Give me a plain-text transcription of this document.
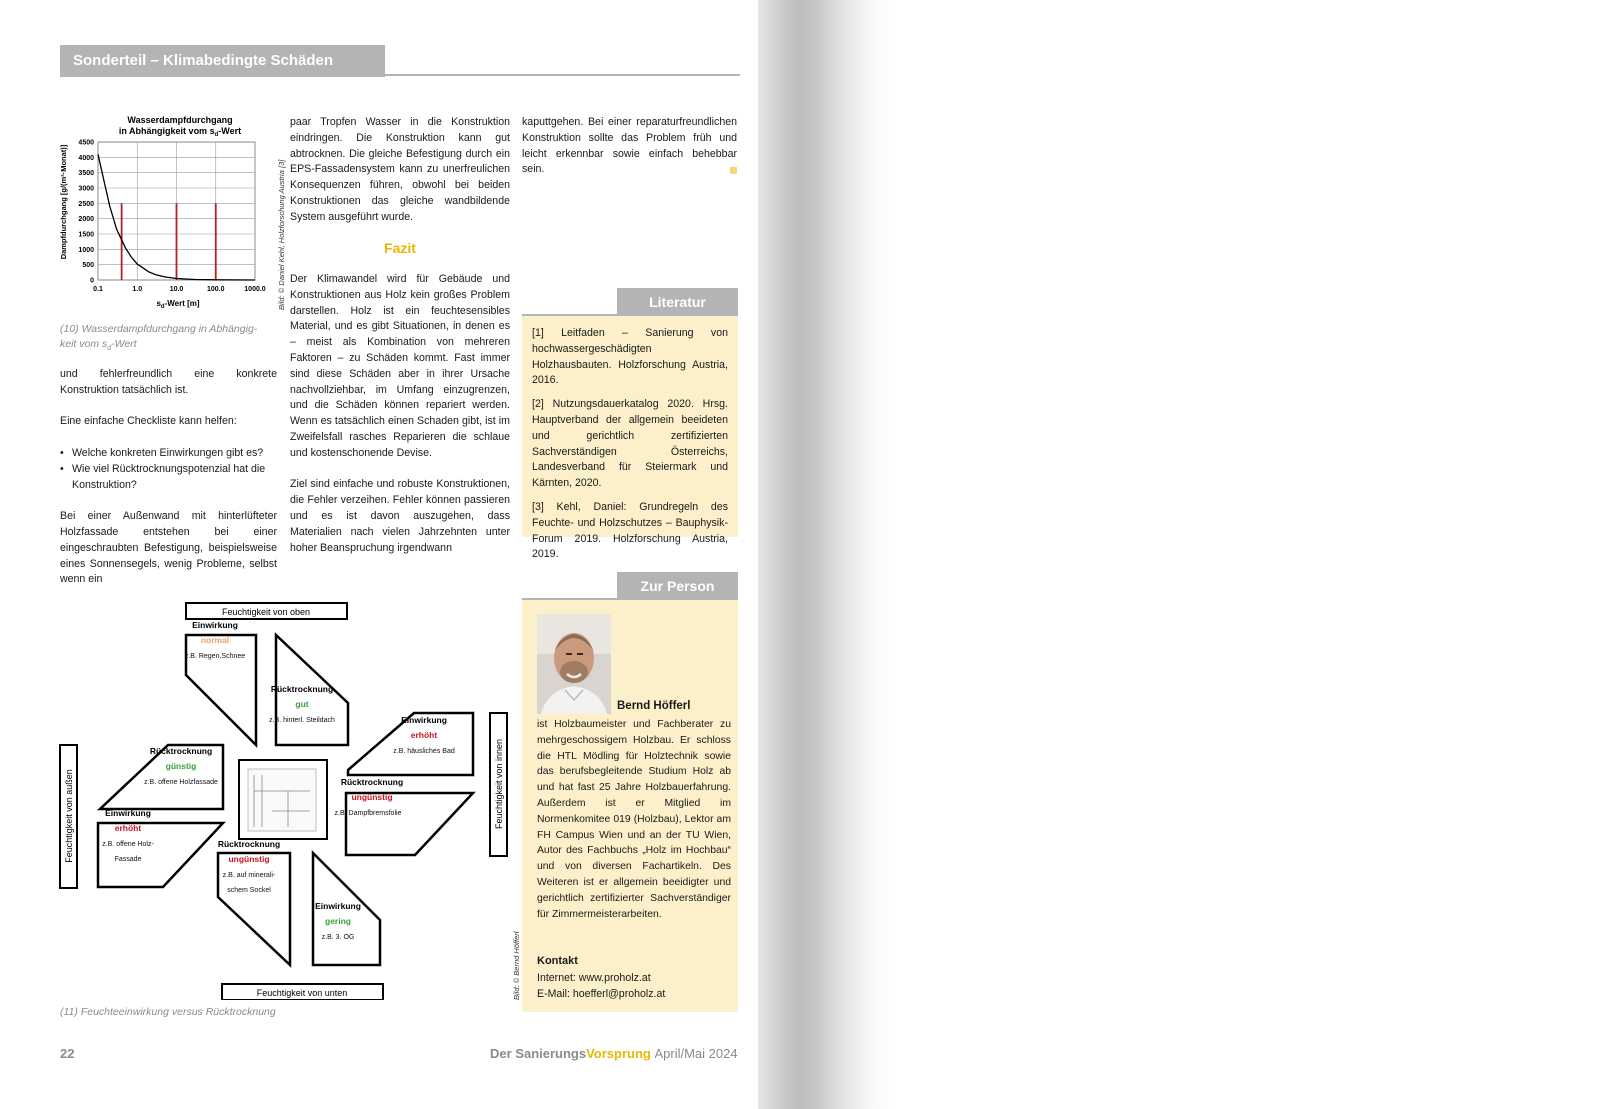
Sonderteil – Klimabedingte Schäden
Wasserdampfdurchgang
in Abhängigkeit vom $s_d$-Wert
0
500
1000
1500
2000
2500
3000
3500
4000
4500
0.1	1.0	10.0	100.0	1000.0
Dampfdurchgang [g/(m²·Monat)]
$s_d$-Wert [m]	Bild: © Daniel Kehl, Holzforschung Austria [3]
(10) Wasserdampfdurchgang in Abhängig-
keit vom $s_d$-Wert

und fehlerfreundlich eine konkrete Konstruktion tatsächlich ist.

Eine einfache Checkliste kann helfen:

• Welche konkreten Einwirkungen gibt es?
• Wie viel Rücktrocknungspotenzial hat die Konstruktion?

Bei einer Außenwand mit hinterlüfteter Holzfassade entstehen bei einer eingeschraubten Befestigung, beispielsweise eines Sonnensegels, wenig Probleme, selbst wenn ein

paar Tropfen Wasser in die Konstruktion eindringen. Die Konstruktion kann gut abtrocknen. Die gleiche Befestigung durch ein EPS-Fassadensystem kann zu unerfreulichen Konsequenzen führen, obwohl bei beiden Konstruktionen das gleiche wandbildende System ausgeführt wurde.

Fazit

Der Klimawandel wird für Gebäude und Konstruktionen aus Holz kein großes Problem darstellen. Holz ist ein feuchtesensibles Material, und es gibt Situationen, in denen es – meist als Kombination von mehreren Faktoren – zu Schäden kommt. Fast immer sind diese Schäden aber in ihrer Ursache nachvollziehbar, im Umfang einzugrenzen, und die Schäden können repariert werden. Wenn es tatsächlich einen Schaden gibt, ist im Zweifelsfall rasches Reparieren die schlaue und kostenschonende Devise.

Ziel sind einfache und robuste Konstruktionen, die Fehler verzeihen. Fehler können passieren und es ist davon auszugehen, dass Materialien nach vielen Jahrzehnten unter hoher Beanspruchung irgendwann

kaputtgehen. Bei einer reparaturfreundlichen Konstruktion sollte das Problem früh und leicht erkennbar sowie einfach behebbar sein.

Literatur
[1] Leitfaden – Sanierung von hochwassergeschädigten Holzhausbauten. Holzforschung Austria, 2016.
[2] Nutzungsdauerkatalog 2020. Hrsg. Hauptverband der allgemein beeideten und gerichtlich zertifizierten Sachverständigen Österreichs, Landesverband für Steiermark und Kärnten, 2020.
[3] Kehl, Daniel: Grundregeln des Feuchte- und Holzschutzes – Bauphysik-Forum 2019. Holzforschung Austria, 2019.
Zur Person
Bernd Höfferl
ist Holzbaumeister und Fachberater zu mehrgeschossigem Holzbau. Er schloss die HTL Mödling für Holztechnik sowie das berufsbegleitende Studium Holz ab und hat fast 25 Jahre Holzbauerfahrung. Außerdem ist er Mitglied im Normenkomitee 019 (Holzbau), Lektor am FH Campus Wien und an der TU Wien, Autor des Fachbuchs „Holz im Hochbau“ und von diversen Fachartikeln. Des Weiteren ist er allgemein beeidigter und gerichtlich zertifizierter Sachverständiger für Zimmermeisterarbeiten.
Kontakt
Internet: www.proholz.at
E-Mail: hoefferl@proholz.at
Feuchtigkeit von oben
Feuchtigkeit von unten
Feuchtigkeit von außen	Feuchtigkeit von innen
Einwirkung
normal
z.B. Regen,Schnee
Rücktrocknung
gut
z.B. hinterl. Steildach	Einwirkung
erhöht
z.B. häusliches Bad
Rücktrocknung
günstig
z.B. offene Holzfassade	Rücktrocknung
ungünstig
z.B. Dampfbremsfolie
Einwirkung
erhöht
z.B. offene Holz-
Fassade
Rücktrocknung
ungünstig
z.B. auf minerali-
schem Sockel
Einwirkung
gering
z.B. 3. OG	Bild: © Bernd Höfferl
(11) Feuchteeinwirkung versus Rücktrocknung
22	Der SanierungsVorsprung April/Mai 2024
